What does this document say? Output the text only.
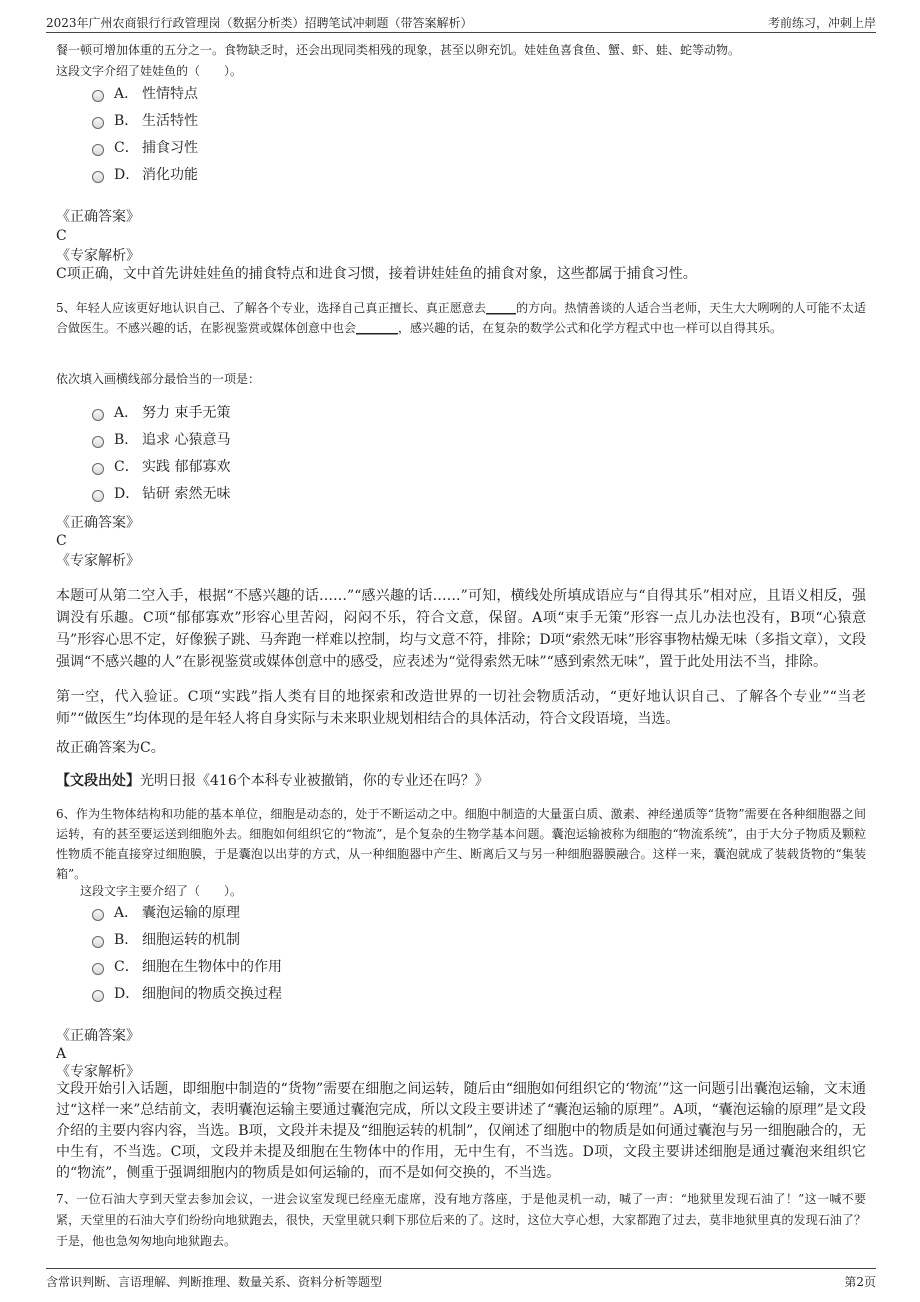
2023年广州农商银行行政管理岗（数据分析类）招聘笔试冲刺题（带答案解析）	考前练习，冲刺上岸
餐一顿可增加体重的五分之一。食物缺乏时，还会出现同类相残的现象，甚至以卵充饥。娃娃鱼喜食鱼、蟹、虾、蛙、蛇等动物。
这段文字介绍了娃娃鱼的（　　）。
A． 性情特点
B． 生活特性
C． 捕食习性
D． 消化功能
《正确答案》
C
《专家解析》
C项正确，文中首先讲娃娃鱼的捕食特点和进食习惯，接着讲娃娃鱼的捕食对象，这些都属于捕食习性。
5、年轻人应该更好地认识自己、了解各个专业，选择自己真正擅长、真正愿意去_____的方向。热情善谈的人适合当老师，天生大大咧咧的人可能不太适合做医生。不感兴趣的话，在影视鉴赏或媒体创意中也会_______，感兴趣的话，在复杂的数学公式和化学方程式中也一样可以自得其乐。
依次填入画横线部分最恰当的一项是：
A． 努力 束手无策
B． 追求 心猿意马
C． 实践 郁郁寡欢
D． 钻研 索然无味
《正确答案》
C
《专家解析》
本题可从第二空入手，根据“不感兴趣的话……”“感兴趣的话……”可知，横线处所填成语应与“自得其乐”相对应，且语义相反，强调没有乐趣。C项“郁郁寡欢”形容心里苦闷，闷闷不乐，符合文意，保留。A项“束手无策”形容一点儿办法也没有，B项“心猿意马”形容心思不定，好像猴子跳、马奔跑一样难以控制，均与文意不符，排除；D项“索然无味”形容事物枯燥无味（多指文章），文段强调“不感兴趣的人”在影视鉴赏或媒体创意中的感受，应表述为“觉得索然无味”“感到索然无味”，置于此处用法不当，排除。
第一空，代入验证。C项“实践”指人类有目的地探索和改造世界的一切社会物质活动，“更好地认识自己、了解各个专业”“当老师”“做医生”均体现的是年轻人将自身实际与未来职业规划相结合的具体活动，符合文段语境，当选。
故正确答案为C。
【文段出处】光明日报《416个本科专业被撤销，你的专业还在吗？》
6、作为生物体结构和功能的基本单位，细胞是动态的，处于不断运动之中。细胞中制造的大量蛋白质、激素、神经递质等“货物”需要在各种细胞器之间运转，有的甚至要运送到细胞外去。细胞如何组织它的“物流”，是个复杂的生物学基本问题。囊泡运输被称为细胞的“物流系统”，由于大分子物质及颗粒性物质不能直接穿过细胞膜，于是囊泡以出芽的方式，从一种细胞器中产生、断离后又与另一种细胞器膜融合。这样一来，囊泡就成了装载货物的“集装箱”。
这段文字主要介绍了（　　）。
A． 囊泡运输的原理
B． 细胞运转的机制
C． 细胞在生物体中的作用
D． 细胞间的物质交换过程
《正确答案》
A
《专家解析》
文段开始引入话题，即细胞中制造的“货物”需要在细胞之间运转，随后由“细胞如何组织它的‘物流’”这一问题引出囊泡运输，文末通过“这样一来”总结前文，表明囊泡运输主要通过囊泡完成，所以文段主要讲述了“囊泡运输的原理”。A项，“囊泡运输的原理”是文段介绍的主要内容内容，当选。B项，文段并未提及“细胞运转的机制”，仅阐述了细胞中的物质是如何通过囊泡与另一细胞融合的，无中生有，不当选。C项，文段并未提及细胞在生物体中的作用，无中生有，不当选。D项，文段主要讲述细胞是通过囊泡来组织它的“物流”，侧重于强调细胞内的物质是如何运输的，而不是如何交换的，不当选。
7、一位石油大亨到天堂去参加会议，一进会议室发现已经座无虚席，没有地方落座，于是他灵机一动，喊了一声：“地狱里发现石油了！”这一喊不要紧，天堂里的石油大亨们纷纷向地狱跑去，很快，天堂里就只剩下那位后来的了。这时，这位大亨心想，大家都跑了过去，莫非地狱里真的发现石油了？于是，他也急匆匆地向地狱跑去。
含常识判断、言语理解、判断推理、数量关系、资料分析等题型	第2页
